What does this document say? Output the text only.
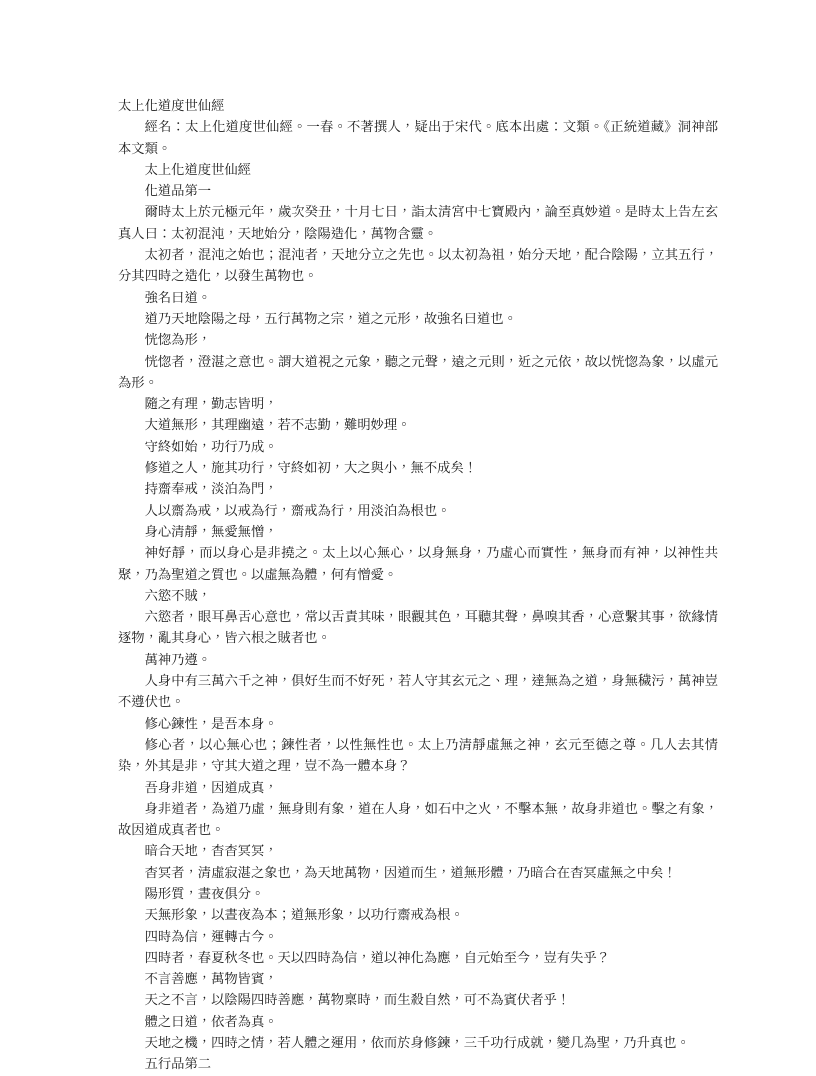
太上化道度世仙經

經名：太上化道度世仙經。一春。不著撰人，疑出于宋代。底本出處：文類。《正統道藏》洞神部本文類。

太上化道度世仙經

化道品第一

爾時太上於元極元年，歲次癸丑，十月七日，詣太清宮中七寶殿內，論至真妙道。是時太上告左玄真人曰：太初混沌，天地始分，陰陽造化，萬物含靈。

太初者，混沌之始也；混沌者，天地分立之先也。以太初為祖，始分天地，配合陰陽，立其五行，分其四時之造化，以發生萬物也。

強名曰道。

道乃天地陰陽之母，五行萬物之宗，道之元形，故強名曰道也。

恍惚為形，

恍惚者，澄湛之意也。謂大道視之元象，聽之元聲，遠之元則，近之元依，故以恍惚為象，以虛元為形。

隨之有理，勤志皆明，

大道無形，其理幽遠，若不志勤，難明妙理。

守終如始，功行乃成。

修道之人，施其功行，守終如初，大之與小，無不成矣！

持齋奉戒，淡泊為門，

人以齋為戒，以戒為行，齋戒為行，用淡泊為根也。

身心清靜，無愛無憎，

神好靜，而以身心是非撓之。太上以心無心，以身無身，乃虛心而實性，無身而有神，以神性共聚，乃為聖道之質也。以虛無為體，何有憎愛。

六慾不賊，

六慾者，眼耳鼻舌心意也，常以舌責其味，眼觀其色，耳聽其聲，鼻嗅其香，心意繫其事，欲緣情逐物，亂其身心，皆六根之賊者也。

萬神乃遵。

人身中有三萬六千之神，俱好生而不好死，若人守其玄元之、理，達無為之道，身無穢污，萬神豈不遵伏也。

修心鍊性，是吾本身。

修心者，以心無心也；鍊性者，以性無性也。太上乃清靜虛無之神，玄元至德之尊。几人去其情染，外其是非，守其大道之理，豈不為一體本身？

吾身非道，因道成真，

身非道者，為道乃虛，無身則有象，道在人身，如石中之火，不擊本無，故身非道也。擊之有象，故因道成真者也。

暗合天地，杳杳冥冥，

杳冥者，清虛寂湛之象也，為天地萬物，因道而生，道無形體，乃暗合在杳冥虛無之中矣！

陽形質，晝夜俱分。

天無形象，以晝夜為本；道無形象，以功行齋戒為根。

四時為信，運轉古今。

四時者，春夏秋冬也。天以四時為信，道以神化為應，自元始至今，豈有失乎？

不言善應，萬物皆賓，

天之不言，以陰陽四時善應，萬物稟時，而生殺自然，可不為賓伏者乎！

體之曰道，依者為真。

天地之機，四時之情，若人體之運用，依而於身修鍊，三千功行成就，變几為聖，乃升真也。

五行品第二
